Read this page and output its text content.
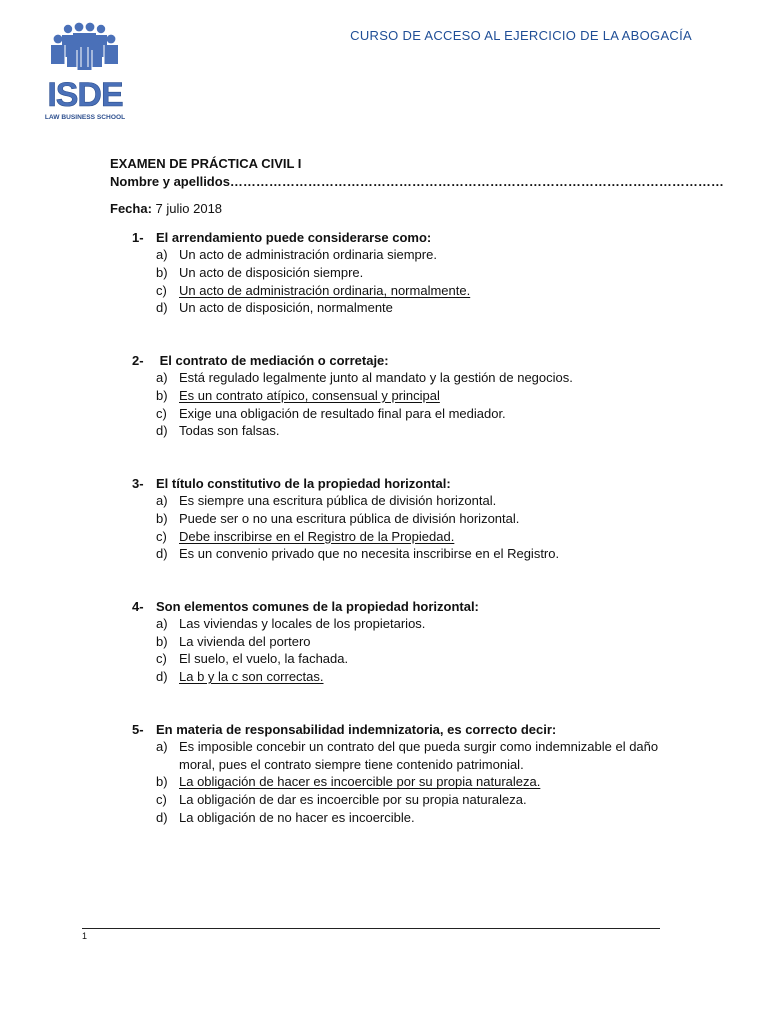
ISDE
LAW BUSINESS SCHOOL
CURSO DE ACCESO AL EJERCICIO DE LA ABOGACÍA
EXAMEN DE PRÁCTICA CIVIL I
Nombre y apellidos……………………………………………………………………………………………………
Fecha: 7 julio 2018
1- El arrendamiento puede considerarse como:
a) Un acto de administración ordinaria siempre.
b) Un acto de disposición siempre.
c) Un acto de administración ordinaria, normalmente.
d) Un acto de disposición, normalmente
2- El contrato de mediación o corretaje:
a) Está regulado legalmente junto al mandato y la gestión de negocios.
b) Es un contrato atípico, consensual y principal
c) Exige una obligación de resultado final para el mediador.
d) Todas son falsas.
3- El título constitutivo de la propiedad horizontal:
a) Es siempre una escritura pública de división horizontal.
b) Puede ser o no una escritura pública de división horizontal.
c) Debe inscribirse en el Registro de la Propiedad.
d) Es un convenio privado que no necesita inscribirse en el Registro.
4- Son elementos comunes de la propiedad horizontal:
a) Las viviendas y locales de los propietarios.
b) La vivienda del portero
c) El suelo, el vuelo, la fachada.
d) La b y la c son correctas.
5- En materia de responsabilidad indemnizatoria, es correcto decir:
a) Es imposible concebir un contrato del que pueda surgir como indemnizable el daño moral, pues el contrato siempre tiene contenido patrimonial.
b) La obligación de hacer es incoercible por su propia naturaleza.
c) La obligación de dar es incoercible por su propia naturaleza.
d) La obligación de no hacer es incoercible.
1
